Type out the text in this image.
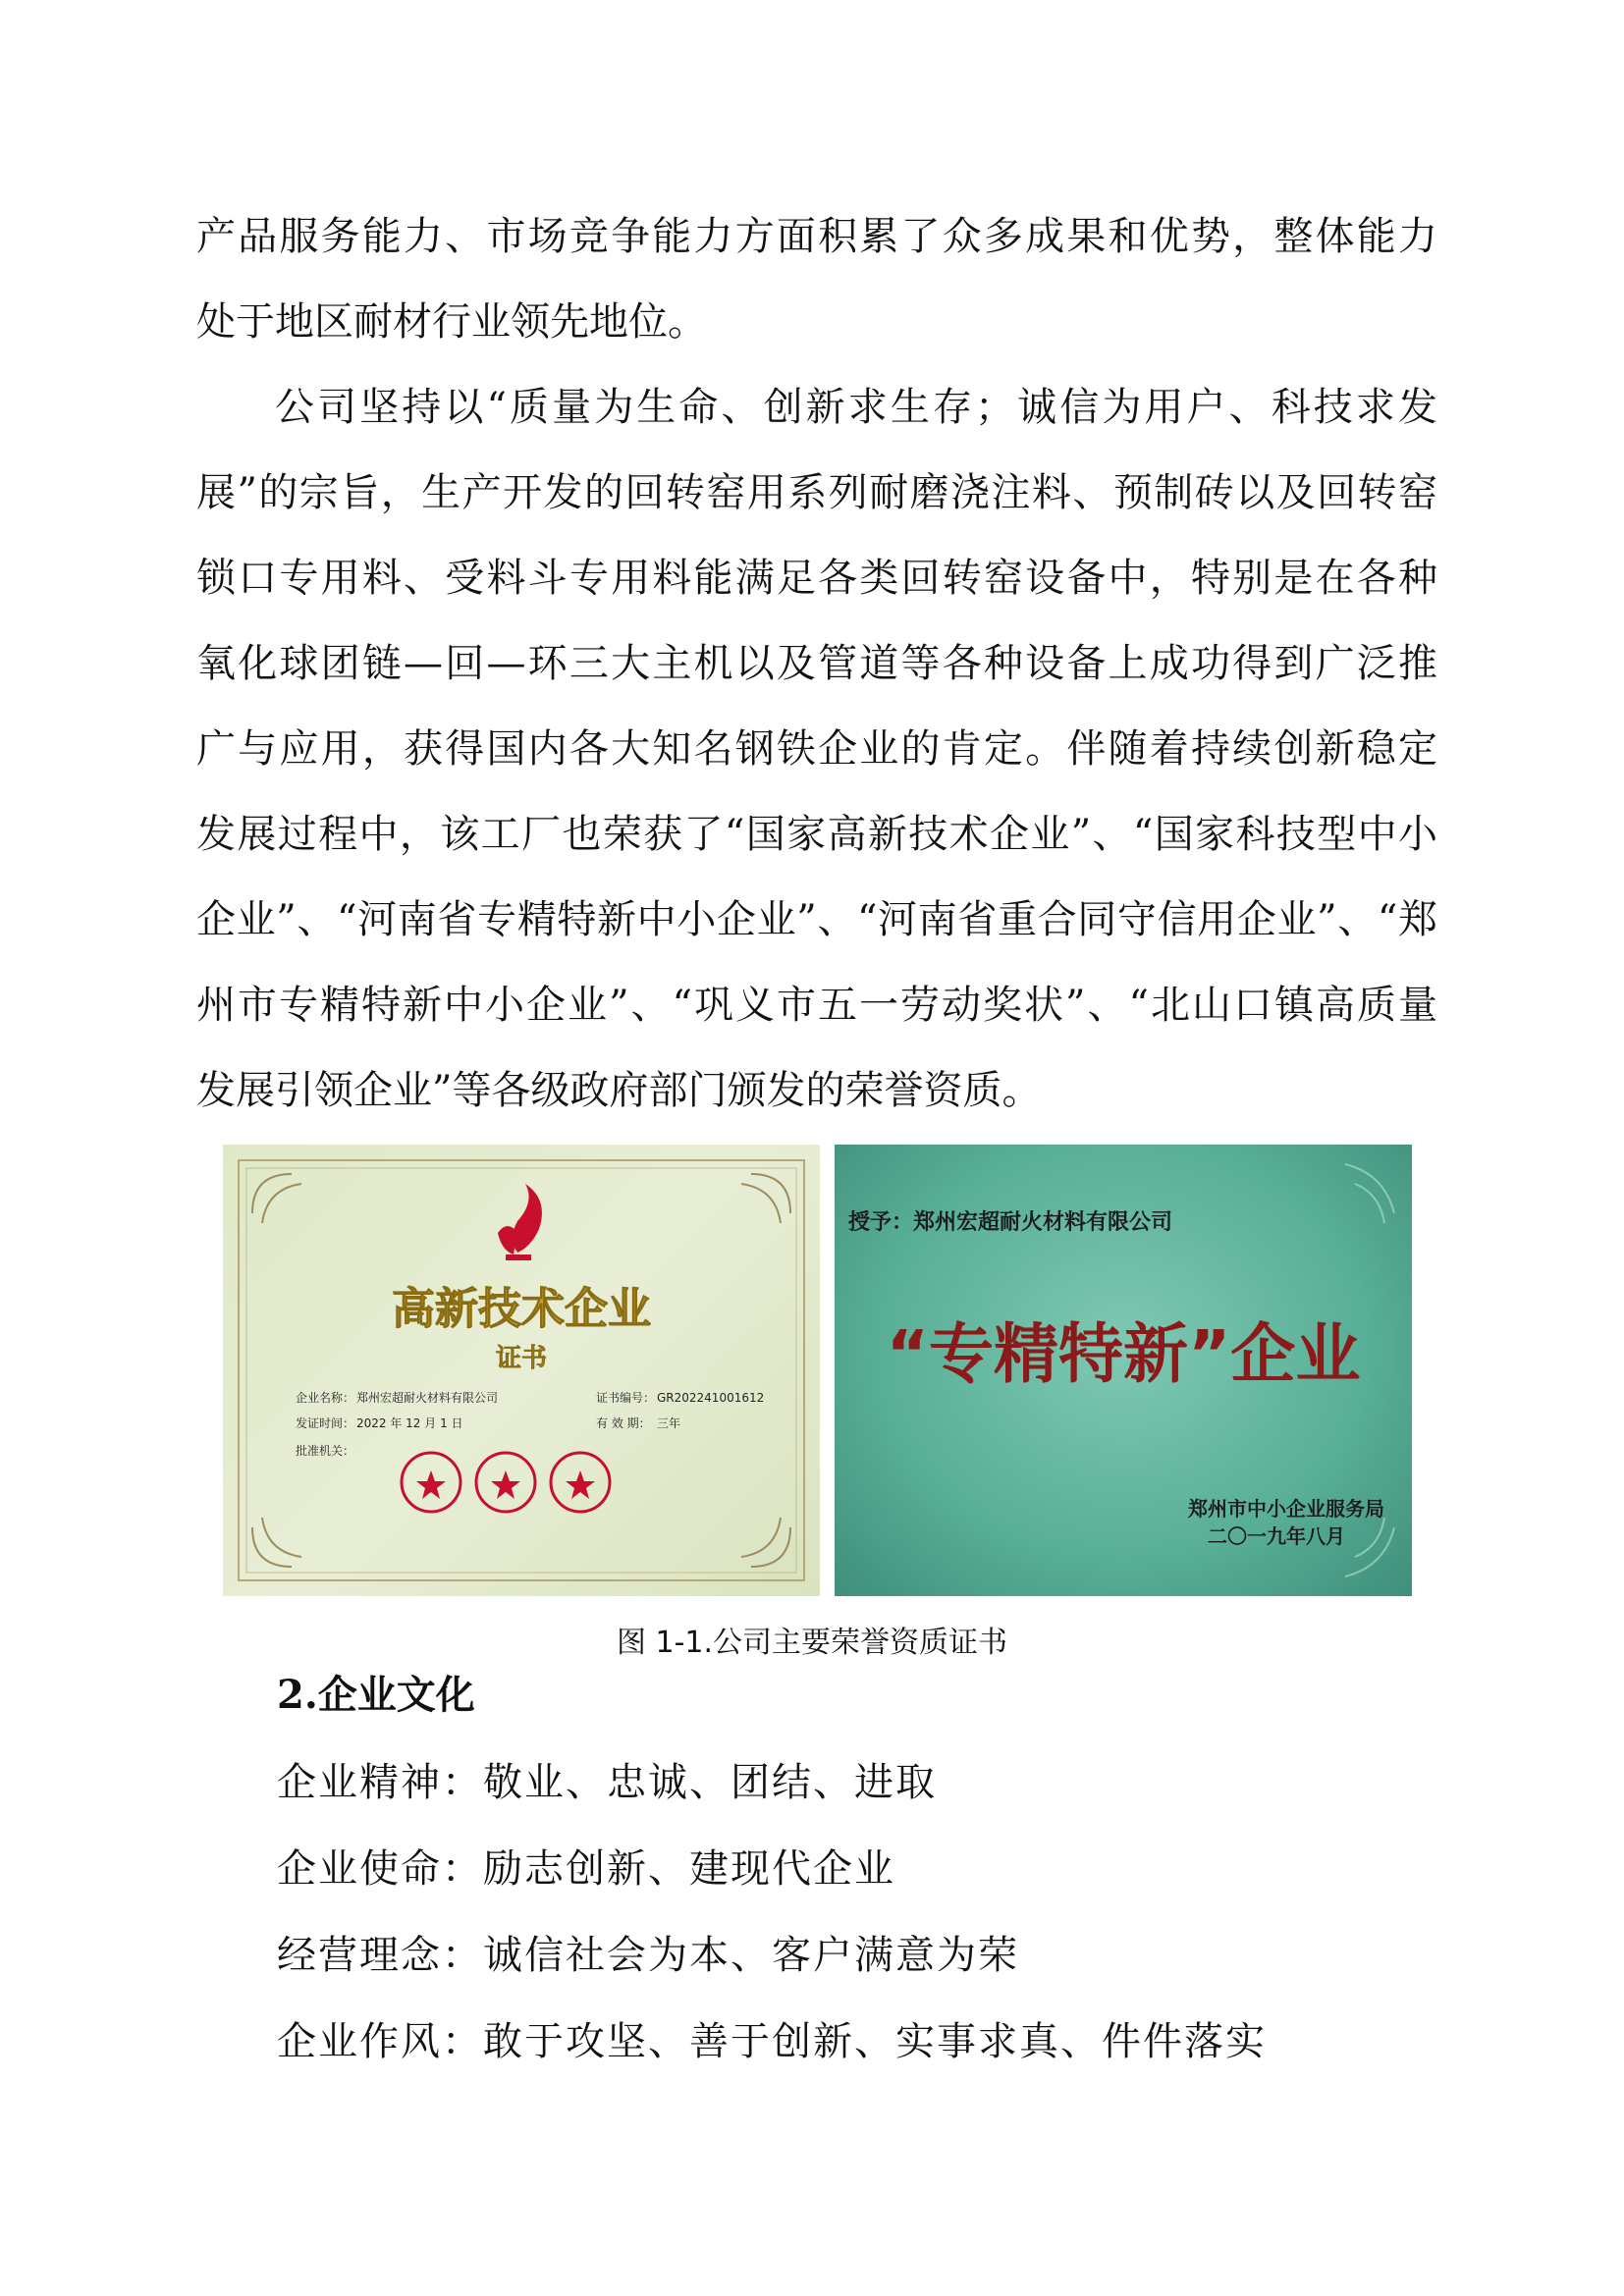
产品服务能力、市场竞争能力方面积累了众多成果和优势，整体能力

处于地区耐材行业领先地位。

公司坚持以“质量为生命、创新求生存；诚信为用户、科技求发

展”的宗旨，生产开发的回转窑用系列耐磨浇注料、预制砖以及回转窑

锁口专用料、受料斗专用料能满足各类回转窑设备中，特别是在各种

氧化球团链—回—环三大主机以及管道等各种设备上成功得到广泛推

广与应用，获得国内各大知名钢铁企业的肯定。伴随着持续创新稳定

发展过程中，该工厂也荣获了“国家高新技术企业”、“国家科技型中小

企业”、“河南省专精特新中小企业”、“河南省重合同守信用企业”、“郑

州市专精特新中小企业”、“巩义市五一劳动奖状”、“北山口镇高质量

发展引领企业”等各级政府部门颁发的荣誉资质。

高新技术企业
证书
企业名称： 郑州宏超耐火材料有限公司	证书编号： GR202241001612
发证时间： 2022 年 12 月 1 日	有 效 期： 三年
批准机关：
授予：郑州宏超耐火材料有限公司
“专精特新”企业
郑州市中小企业服务局
二〇一九年八月

图 1-1.公司主要荣誉资质证书

2.企业文化

企业精神：敬业、忠诚、团结、进取

企业使命：励志创新、建现代企业

经营理念：诚信社会为本、客户满意为荣

企业作风：敢于攻坚、善于创新、实事求真、件件落实
